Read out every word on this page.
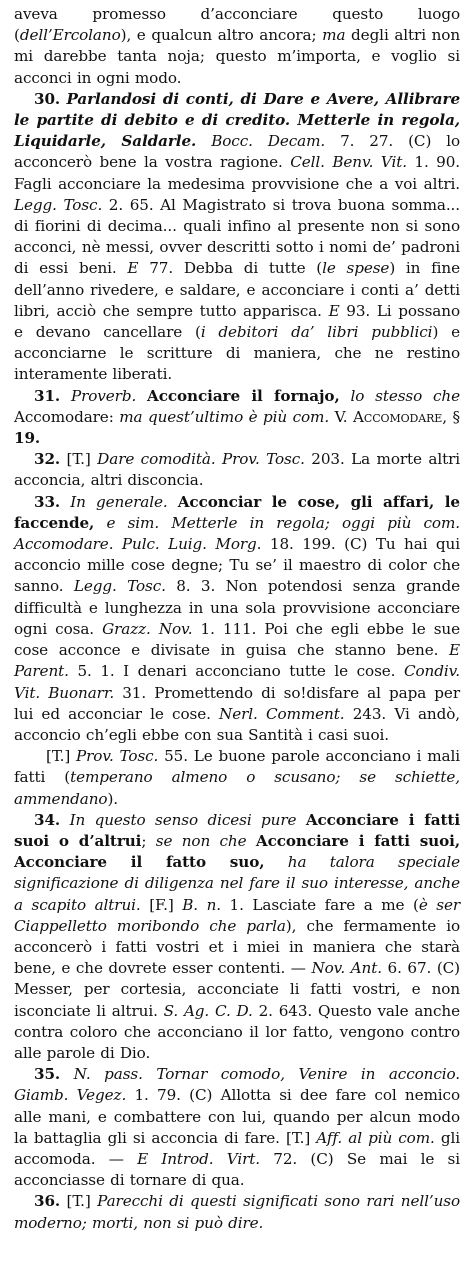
aveva promesso d’acconciare questo luogo (dell’Ercolano), e qualcun altro ancora; ma degli altri non mi darebbe tanta noja; questo m’importa, e voglio si acconci in ogni modo.

30. Parlandosi di conti, di Dare e Avere, Allibrare le partite di debito e di credito. Metterle in regola, Liquidarle, Saldarle. Bocc. Decam. 7. 27. (C) lo acconcerò bene la vostra ragione. Cell. Benv. Vit. 1. 90. Fagli acconciare la medesima provvisione che a voi altri. Legg. Tosc. 2. 65. Al Magistrato si trova buona somma... di fiorini di decima... quali infino al presente non si sono acconci, nè messi, ovver descritti sotto i nomi de’ padroni di essi beni. E 77. Debba di tutte (le spese) in fine dell’anno rivedere, e saldare, e acconciare i conti a’ detti libri, acciò che sempre tutto apparisca. E 93. Li possano e devano cancellare (i debitori da’ libri pubblici) e acconciarne le scritture di maniera, che ne restino interamente liberati.

31. Proverb. Acconciare il fornajo, lo stesso che Accomodare: ma quest’ultimo è più com. V. Accomodare, § 19.

32. [T.] Dare comodità. Prov. Tosc. 203. La morte altri acconcia, altri disconcia.

33. In generale. Acconciar le cose, gli affari, le faccende, e sim. Metterle in regola; oggi più com. Accomodare. Pulc. Luig. Morg. 18. 199. (C) Tu hai qui acconcio mille cose degne; Tu se’ il maestro di color che sanno. Legg. Tosc. 8. 3. Non potendosi senza grande difficultà e lunghezza in una sola provvisione acconciare ogni cosa. Grazz. Nov. 1. 111. Poi che egli ebbe le sue cose acconce e divisate in guisa che stanno bene. E Parent. 5. 1. I denari acconciano tutte le cose. Condiv. Vit. Buonarr. 31. Promettendo di so!disfare al papa per lui ed acconciar le cose. Nerl. Comment. 243. Vi andò, acconcio ch’egli ebbe con sua Santità i casi suoi.

[T.] Prov. Tosc. 55. Le buone parole acconciano i mali fatti (temperano almeno o scusano; se schiette, ammendano).

34. In questo senso dicesi pure Acconciare i fatti suoi o d’altrui; se non che Acconciare i fatti suoi, Acconciare il fatto suo, ha talora speciale significazione di diligenza nel fare il suo interesse, anche a scapito altrui. [F.] B. n. 1. Lasciate fare a me (è ser Ciappelletto moribondo che parla), che fermamente io acconcerò i fatti vostri et i miei in maniera che starà bene, e che dovrete esser contenti. — Nov. Ant. 6. 67. (C) Messer, per cortesia, acconciate li fatti vostri, e non isconciate li altrui. S. Ag. C. D. 2. 643. Questo vale anche contra coloro che acconciano il lor fatto, vengono contro alle parole di Dio.

35. N. pass. Tornar comodo, Venire in acconcio. Giamb. Vegez. 1. 79. (C) Allotta si dee fare col nemico alle mani, e combattere con lui, quando per alcun modo la battaglia gli si acconcia di fare. [T.] Aff. al più com. gli accomoda. — E Introd. Virt. 72. (C) Se mai le si acconciasse di tornare di qua.

36. [T.] Parecchi di questi significati sono rari nell’uso moderno; morti, non si può dire.
